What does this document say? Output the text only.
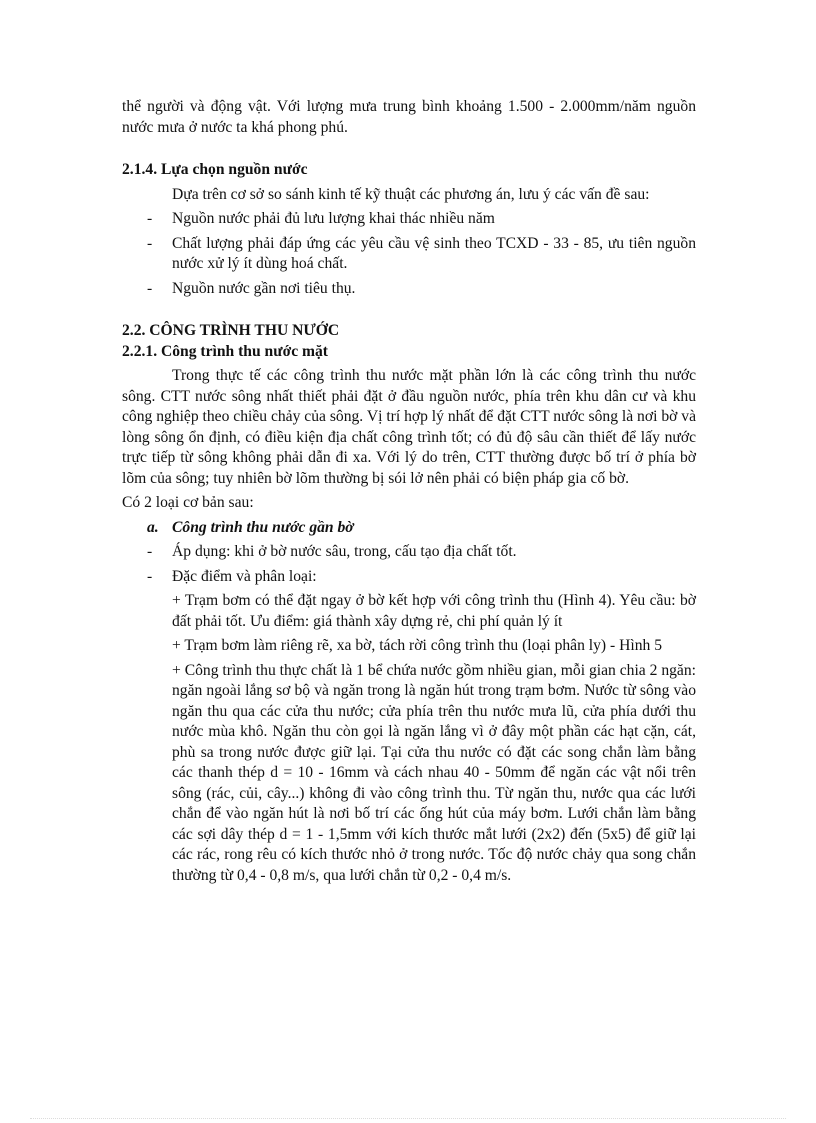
thể người và động vật. Với lượng mưa trung bình khoảng 1.500 - 2.000mm/năm nguồn nước mưa ở nước ta khá phong phú.

2.1.4. Lựa chọn nguồn nước

Dựa trên cơ sở so sánh kinh tế kỹ thuật các phương án, lưu ý các vấn đề sau:

- Nguồn nước phải đủ lưu lượng khai thác nhiều năm
- Chất lượng phải đáp ứng các yêu cầu vệ sinh theo TCXD - 33 - 85, ưu tiên nguồn nước xử lý ít dùng hoá chất.
- Nguồn nước gần nơi tiêu thụ.

2.2. CÔNG TRÌNH THU NƯỚC

2.2.1. Công trình thu nước mặt

Trong thực tế các công trình thu nước mặt phần lớn là các công trình thu nước sông. CTT nước sông nhất thiết phải đặt ở đầu nguồn nước, phía trên khu dân cư và khu công nghiệp theo chiều chảy của sông. Vị trí hợp lý nhất để đặt CTT nước sông là nơi bờ và lòng sông ổn định, có điều kiện địa chất công trình tốt; có đủ độ sâu cần thiết để lấy nước trực tiếp từ sông không phải dẫn đi xa. Với lý do trên, CTT thường được bố trí ở phía bờ lõm của sông; tuy nhiên bờ lõm thường bị sói lở nên phải có biện pháp gia cố bờ.

Có 2 loại cơ bản sau:

a. Công trình thu nước gần bờ
- Áp dụng: khi ở bờ nước sâu, trong, cấu tạo địa chất tốt.
- Đặc điểm và phân loại:

+ Trạm bơm có thể đặt ngay ở bờ kết hợp với công trình thu (Hình 4). Yêu cầu: bờ đất phải tốt. Ưu điểm: giá thành xây dựng rẻ, chi phí quản lý ít

+ Trạm bơm làm riêng rẽ, xa bờ, tách rời công trình thu (loại phân ly) - Hình 5

+ Công trình thu thực chất là 1 bể chứa nước gồm nhiều gian, mỗi gian chia 2 ngăn: ngăn ngoài lắng sơ bộ và ngăn trong là ngăn hút trong trạm bơm. Nước từ sông vào ngăn thu qua các cửa thu nước; cửa phía trên thu nước mưa lũ, cửa phía dưới thu nước mùa khô. Ngăn thu còn gọi là ngăn lắng vì ở đây một phần các hạt cặn, cát, phù sa trong nước được giữ lại. Tại cửa thu nước có đặt các song chắn làm bằng các thanh thép d = 10 - 16mm và cách nhau 40 - 50mm để ngăn các vật nổi trên sông (rác, củi, cây...) không đi vào công trình thu. Từ ngăn thu, nước qua các lưới chắn để vào ngăn hút là nơi bố trí các ống hút của máy bơm. Lưới chắn làm bằng các sợi dây thép d = 1 - 1,5mm với kích thước mắt lưới (2x2) đến (5x5) để giữ lại các rác, rong rêu có kích thước nhỏ ở trong nước. Tốc độ nước chảy qua song chắn thường từ 0,4 - 0,8 m/s, qua lưới chắn từ 0,2 - 0,4 m/s.
